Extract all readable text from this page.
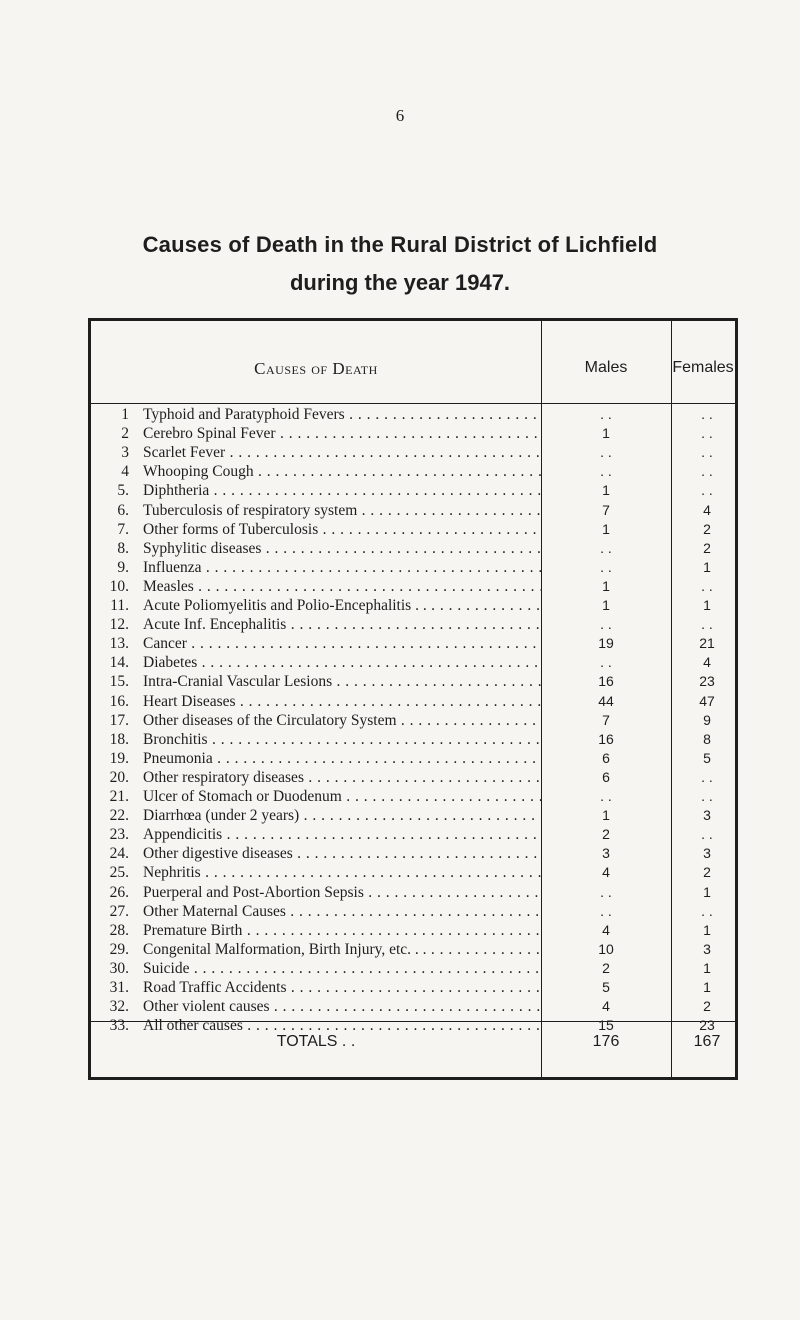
6
Causes of Death in the Rural District of Lichfield
during the year 1947.
Causes of Death	Males	Females
1 Typhoid and Paratyphoid Fevers . . .	. .	. .
2 Cerebro Spinal Fever . . .	1	. .
3 Scarlet Fever . . .	. .	. .
4 Whooping Cough . . .	. .	. .
5. Diphtheria . . .	1	. .
6. Tuberculosis of respiratory system . . .	7	4
7. Other forms of Tuberculosis . . .	1	2
8. Syphylitic diseases . . .	. .	2
9. Influenza . . .	. .	1
10. Measles . . .	1	. .
11. Acute Poliomyelitis and Polio-Encephalitis . . . . .	1	1
12. Acute Inf. Encephalitis . . .	. .	. .
13. Cancer . . .	19	21
14. Diabetes . . .	. .	4
15. Intra-Cranial Vascular Lesions . . .	16	23
16. Heart Diseases . . .	44	47
17. Other diseases of the Circulatory System . . .	7	9
18. Bronchitis . . .	16	8
19. Pneumonia . . .	6	5
20. Other respiratory diseases . . .	6	. .
21. Ulcer of Stomach or Duodenum . . .	. .	. .
22. Diarrhœa (under 2 years) . . .	1	3
23. Appendicitis . . .	2	. .
24. Other digestive diseases . . .	3	3
25. Nephritis . . .	4	2
26. Puerperal and Post-Abortion Sepsis . . .	. .	1
27. Other Maternal Causes . . .	. .	. .
28. Premature Birth . . .	4	1
29. Congenital Malformation, Birth Injury, etc. . . . . .	10	3
30. Suicide . . .	2	1
31. Road Traffic Accidents . . .	5	1
32. Other violent causes . . .	4	2
33. All other causes . . .	15	23
TOTALS . .	176	167
